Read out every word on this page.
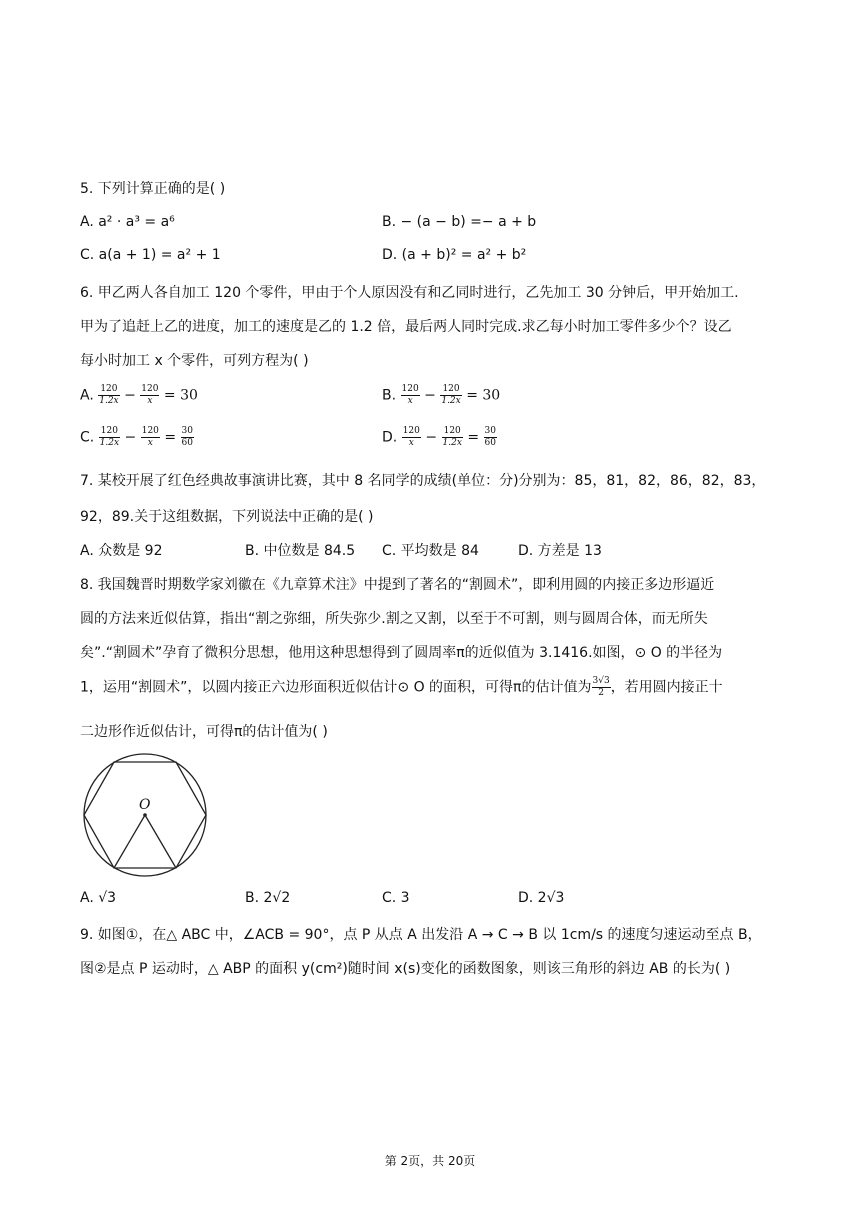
5. 下列计算正确的是( )
A. a² · a³ = a⁶	B. − (a − b) =− a + b
C. a(a + 1) = a² + 1	D. (a + b)² = a² + b²
6. 甲乙两人各自加工 120 个零件，甲由于个人原因没有和乙同时进行，乙先加工 30 分钟后，甲开始加工.
甲为了追赶上乙的进度，加工的速度是乙的 1.2 倍，最后两人同时完成.求乙每小时加工零件多少个？设乙
每小时加工 x 个零件，可列方程为( )
A. $\frac{120}{1.2x} - \frac{120}{x} = 30$	B. $\frac{120}{x} - \frac{120}{1.2x} = 30$
C. $\frac{120}{1.2x} - \frac{120}{x} = \frac{30}{60}$	D. $\frac{120}{x} - \frac{120}{1.2x} = \frac{30}{60}$
7. 某校开展了红色经典故事演讲比赛，其中 8 名同学的成绩(单位：分)分别为：85，81，82，86，82，83，
92，89.关于这组数据，下列说法中正确的是( )
A. 众数是 92	B. 中位数是 84.5 C. 平均数是 84	D. 方差是 13
8. 我国魏晋时期数学家刘徽在《九章算术注》中提到了著名的“割圆术”，即利用圆的内接正多边形逼近
圆的方法来近似估算，指出“割之弥细，所失弥少.割之又割，以至于不可割，则与圆周合体，而无所失
矣”.“割圆术”孕育了微积分思想，他用这种思想得到了圆周率π的近似值为 3.1416.如图，⊙ O 的半径为
1，运用“割圆术”，以圆内接正六边形面积近似估计⊙ O 的面积，可得π的估计值为 $\frac{3√3}{2}$ ，若用圆内接正十
二边形作近似估计，可得π的估计值为( )
O
A. √3	B. 2√2	C. 3	D. 2√3
9. 如图①，在△ ABC 中，∠ACB = 90°，点 P 从点 A 出发沿 A → C → B 以 1cm/s 的速度匀速运动至点 B，
图②是点 P 运动时，△ ABP 的面积 y(cm²)随时间 x(s)变化的函数图象，则该三角形的斜边 AB 的长为( )
第 2页，共 20页
